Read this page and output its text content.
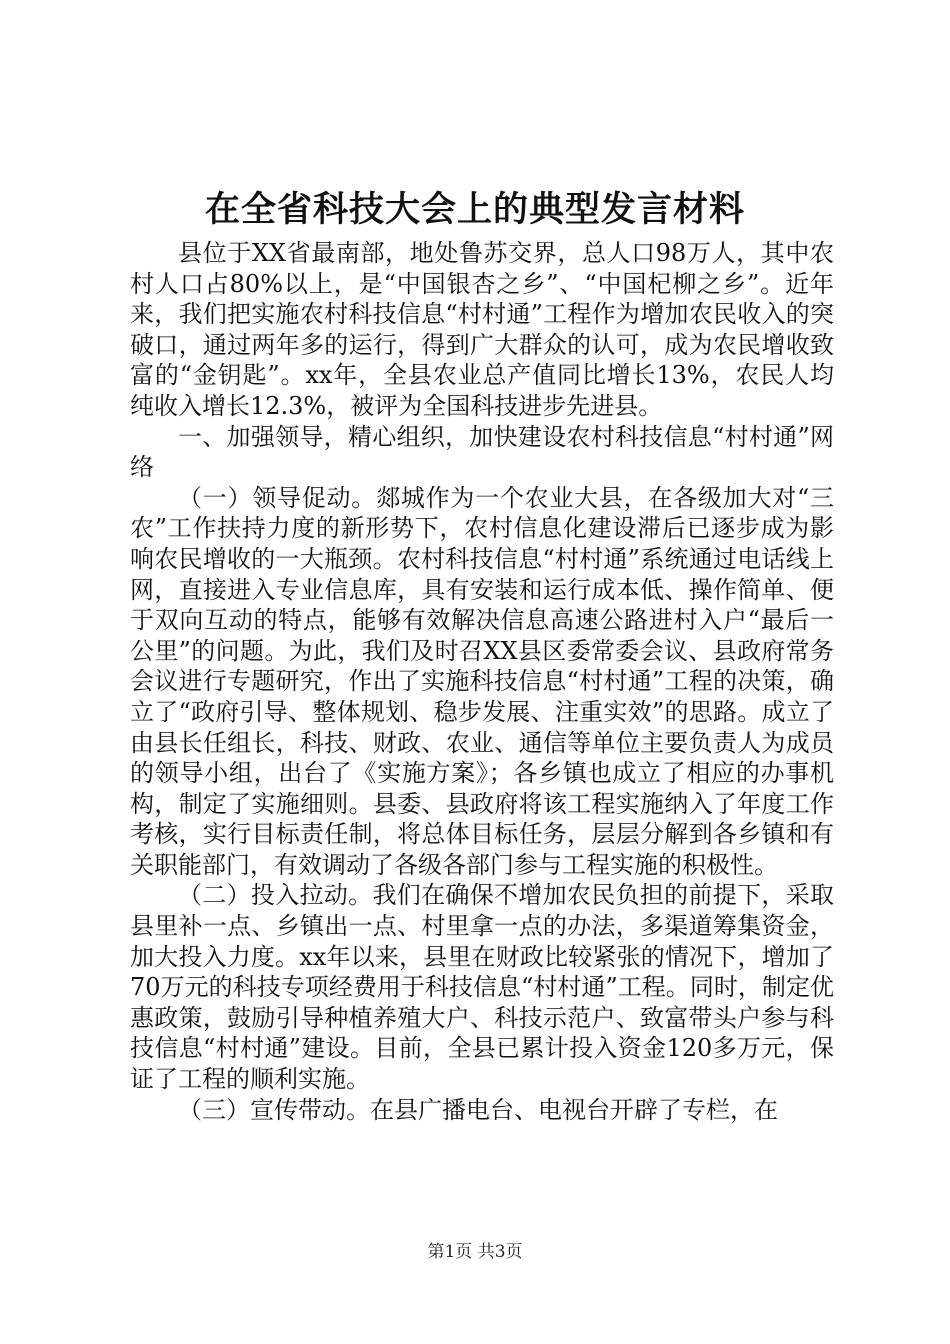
在全省科技大会上的典型发言材料

县位于XX省最南部，地处鲁苏交界，总人口98万人，其中农村人口占80%以上，是“中国银杏之乡”、“中国杞柳之乡”。近年来，我们把实施农村科技信息“村村通”工程作为增加农民收入的突破口，通过两年多的运行，得到广大群众的认可，成为农民增收致富的“金钥匙”。xx年，全县农业总产值同比增长13%，农民人均纯收入增长12.3%，被评为全国科技进步先进县。

一、加强领导，精心组织，加快建设农村科技信息“村村通”网络

（一）领导促动。郯城作为一个农业大县，在各级加大对“三农”工作扶持力度的新形势下，农村信息化建设滞后已逐步成为影响农民增收的一大瓶颈。农村科技信息“村村通”系统通过电话线上网，直接进入专业信息库，具有安装和运行成本低、操作简单、便于双向互动的特点，能够有效解决信息高速公路进村入户“最后一公里”的问题。为此，我们及时召XX县区委常委会议、县政府常务会议进行专题研究，作出了实施科技信息“村村通”工程的决策，确立了“政府引导、整体规划、稳步发展、注重实效”的思路。成立了由县长任组长，科技、财政、农业、通信等单位主要负责人为成员的领导小组，出台了《实施方案》；各乡镇也成立了相应的办事机构，制定了实施细则。县委、县政府将该工程实施纳入了年度工作考核，实行目标责任制，将总体目标任务，层层分解到各乡镇和有关职能部门，有效调动了各级各部门参与工程实施的积极性。

（二）投入拉动。我们在确保不增加农民负担的前提下，采取县里补一点、乡镇出一点、村里拿一点的办法，多渠道筹集资金，加大投入力度。xx年以来，县里在财政比较紧张的情况下，增加了70万元的科技专项经费用于科技信息“村村通”工程。同时，制定优惠政策，鼓励引导种植养殖大户、科技示范户、致富带头户参与科技信息“村村通”建设。目前，全县已累计投入资金120多万元，保证了工程的顺利实施。

（三）宣传带动。在县广播电台、电视台开辟了专栏，在

第1页 共3页
